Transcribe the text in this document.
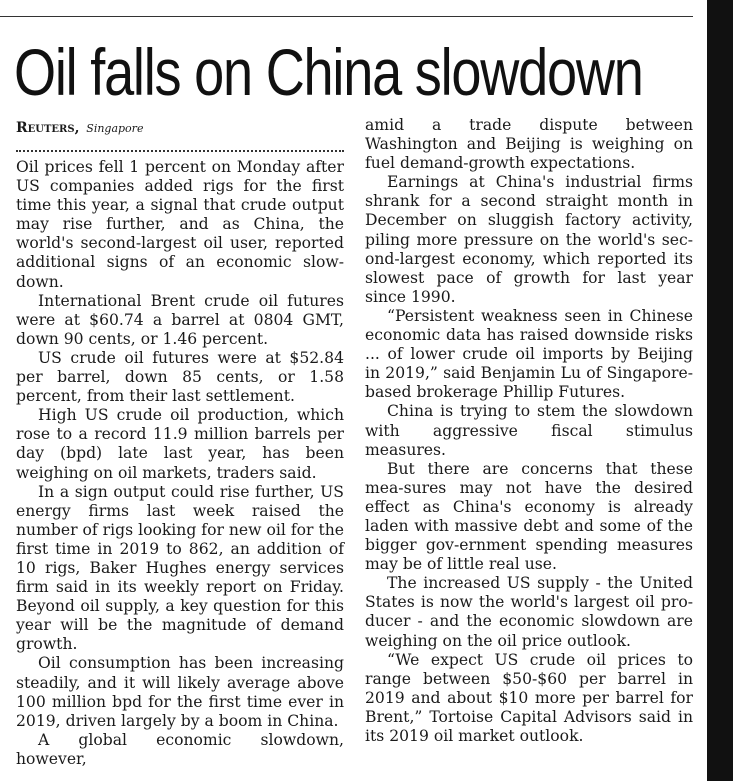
Oil falls on China slowdown
Reuters, Singapore

Oil prices fell 1 percent on Monday after US companies added rigs for the first time this year, a signal that crude output may rise further, and as China, the world's second-largest oil user, reported additional signs of an economic slow-down.

International Brent crude oil futures were at $60.74 a barrel at 0804 GMT, down 90 cents, or 1.46 percent.

US crude oil futures were at $52.84 per barrel, down 85 cents, or 1.58 percent, from their last settlement.

High US crude oil production, which rose to a record 11.9 million barrels per day (bpd) late last year, has been weighing on oil markets, traders said.

In a sign output could rise further, US energy firms last week raised the number of rigs looking for new oil for the first time in 2019 to 862, an addition of 10 rigs, Baker Hughes energy services firm said in its weekly report on Friday. Beyond oil supply, a key question for this year will be the magnitude of demand growth.

Oil consumption has been increasing steadily, and it will likely average above 100 million bpd for the first time ever in 2019, driven largely by a boom in China.

A global economic slowdown, however,

amid a trade dispute between Washington and Beijing is weighing on fuel demand-growth expectations.

Earnings at China's industrial firms shrank for a second straight month in December on sluggish factory activity, piling more pressure on the world's sec-ond-largest economy, which reported its slowest pace of growth for last year since 1990.

“Persistent weakness seen in Chinese economic data has raised downside risks ... of lower crude oil imports by Beijing in 2019,” said Benjamin Lu of Singapore-based brokerage Phillip Futures.

China is trying to stem the slowdown with aggressive fiscal stimulus measures.

But there are concerns that these mea-sures may not have the desired effect as China's economy is already laden with massive debt and some of the bigger gov-ernment spending measures may be of little real use.

The increased US supply - the United States is now the world's largest oil pro-ducer - and the economic slowdown are weighing on the oil price outlook.

“We expect US crude oil prices to range between $50-$60 per barrel in 2019 and about $10 more per barrel for Brent,” Tortoise Capital Advisors said in its 2019 oil market outlook.
